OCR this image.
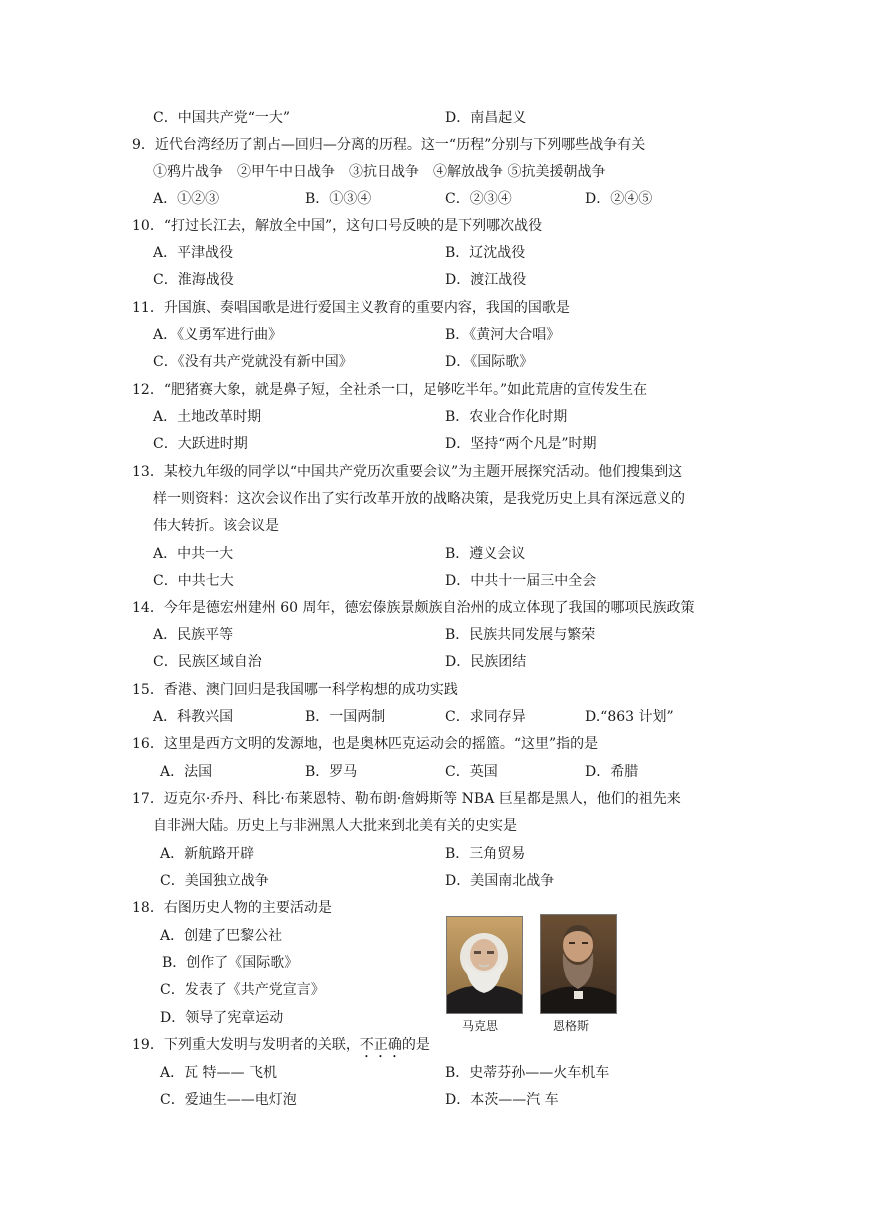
C．中国共产党“一大”	D．南昌起义
9．近代台湾经历了割占—回归—分离的历程。这一“历程”分别与下列哪些战争有关
①鸦片战争　②甲午中日战争　③抗日战争　④解放战争 ⑤抗美援朝战争
A．①②③	B．①③④	C．②③④	D．②④⑤
10．“打过长江去，解放全中国”，这句口号反映的是下列哪次战役
A．平津战役	B．辽沈战役
C．淮海战役	D．渡江战役
11．升国旗、奏唱国歌是进行爱国主义教育的重要内容，我国的国歌是
A．《义勇军进行曲》	B．《黄河大合唱》
C．《没有共产党就没有新中国》	D．《国际歌》
12．“肥猪赛大象，就是鼻子短，全社杀一口，足够吃半年。”如此荒唐的宣传发生在
A．土地改革时期	B．农业合作化时期
C．大跃进时期	D．坚持“两个凡是”时期
13．某校九年级的同学以“中国共产党历次重要会议”为主题开展探究活动。他们搜集到这
样一则资料：这次会议作出了实行改革开放的战略决策，是我党历史上具有深远意义的
伟大转折。该会议是
A．中共一大	B．遵义会议
C．中共七大	D．中共十一届三中全会
14．今年是德宏州建州 60 周年，德宏傣族景颇族自治州的成立体现了我国的哪项民族政策
A．民族平等	B．民族共同发展与繁荣
C．民族区域自治	D．民族团结
15．香港、澳门回归是我国哪一科学构想的成功实践
A．科教兴国	B．一国两制	C．求同存异	D.“863 计划”
16．这里是西方文明的发源地，也是奥林匹克运动会的摇篮。“这里”指的是
A．法国	B．罗马	C．英国	D．希腊
17．迈克尔·乔丹、科比·布莱恩特、勒布朗·詹姆斯等 NBA 巨星都是黑人，他们的祖先来
自非洲大陆。历史上与非洲黑人大批来到北美有关的史实是
A．新航路开辟	B．三角贸易
C．美国独立战争	D．美国南北战争
18．右图历史人物的主要活动是
A．创建了巴黎公社
B．创作了《国际歌》
C．发表了《共产党宣言》
D．领导了宪章运动	马克思	恩格斯
19．下列重大发明与发明者的关联，不正确的是
A．瓦 特—— 飞机	B．史蒂芬孙——火车机车
C．爱迪生——电灯泡	D．本茨——汽 车
